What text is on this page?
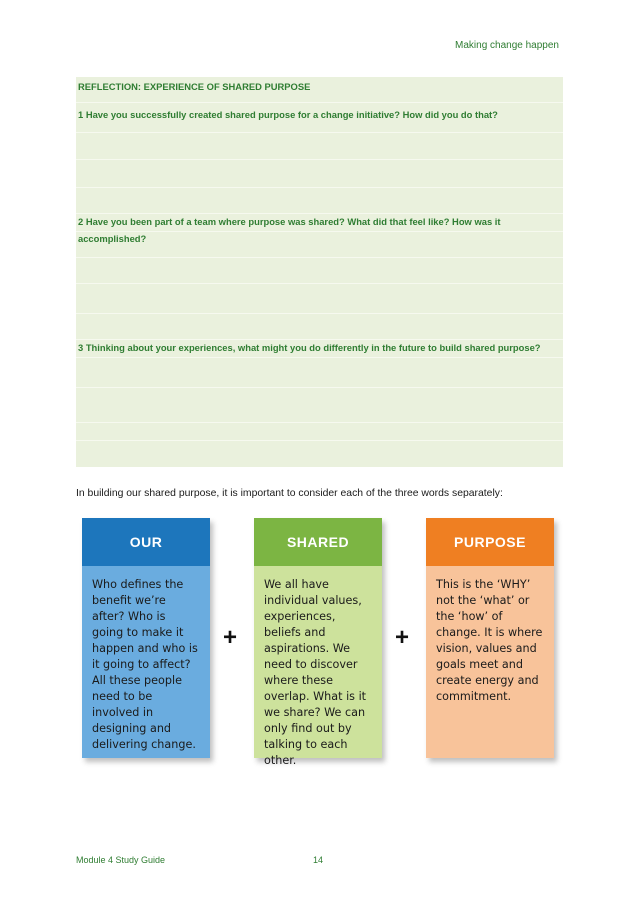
Making change happen
REFLECTION: EXPERIENCE OF SHARED PURPOSE
1 Have you successfully created shared purpose for a change initiative? How did you do that?
2 Have you been part of a team where purpose was shared? What did that feel like? How was it accomplished?
3 Thinking about your experiences, what might you do differently in the future to build shared purpose?
In building our shared purpose, it is important to consider each of the three words separately:
OUR
Who defines the benefit we’re after? Who is going to make it happen and who is it going to affect? All these people need to be involved in designing and delivering change.
+
SHARED
We all have individual values, experiences, beliefs and aspirations. We need to discover where these overlap. What is it we share? We can only find out by talking to each other.
+
PURPOSE
This is the ‘WHY’ not the ‘what’ or the ‘how’ of change. It is where vision, values and goals meet and create energy and commitment.
Module 4 Study Guide	14
